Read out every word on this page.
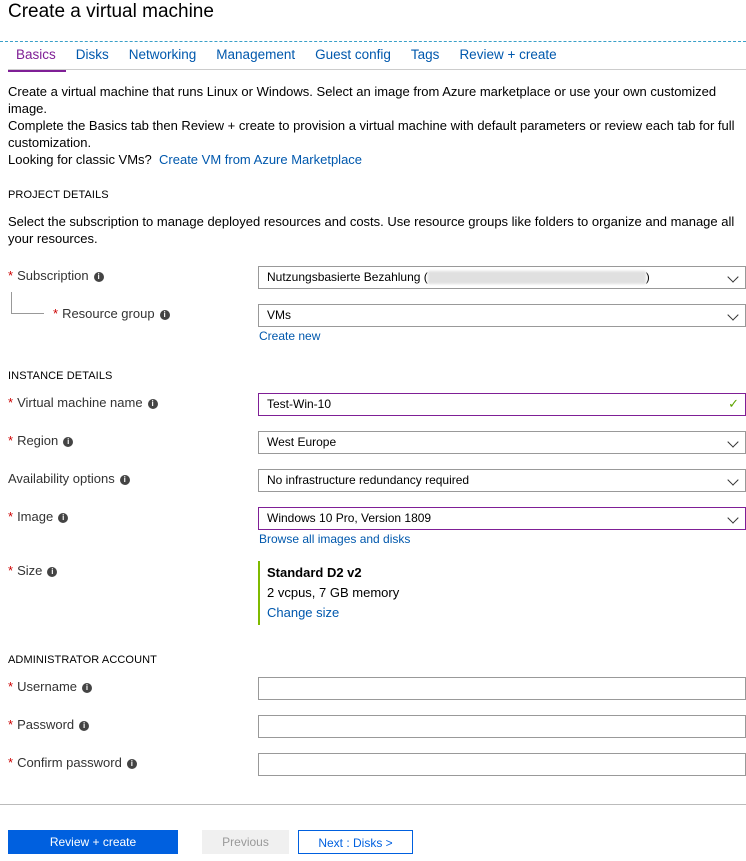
Create a virtual machine
Basics	Disks	Networking	Management	Guest config	Tags	Review + create
Create a virtual machine that runs Linux or Windows. Select an image from Azure marketplace or use your own customized image.
Complete the Basics tab then Review + create to provision a virtual machine with default parameters or review each tab for full customization.
Looking for classic VMs? Create VM from Azure Marketplace
PROJECT DETAILS
Select the subscription to manage deployed resources and costs. Use resource groups like folders to organize and manage all your resources.
* Subscription i	Nutzungsbasierte Bezahlung (	)
* Resource group i	VMs
Create new
INSTANCE DETAILS
* Virtual machine name i	Test-Win-10	✓
* Region i	West Europe
Availability options i	No infrastructure redundancy required
* Image i	Windows 10 Pro, Version 1809
Browse all images and disks
* Size i	Standard D2 v2
2 vcpus, 7 GB memory
Change size
ADMINISTRATOR ACCOUNT
* Username i
* Password i
* Confirm password i
Review + create	Previous	Next : Disks >
